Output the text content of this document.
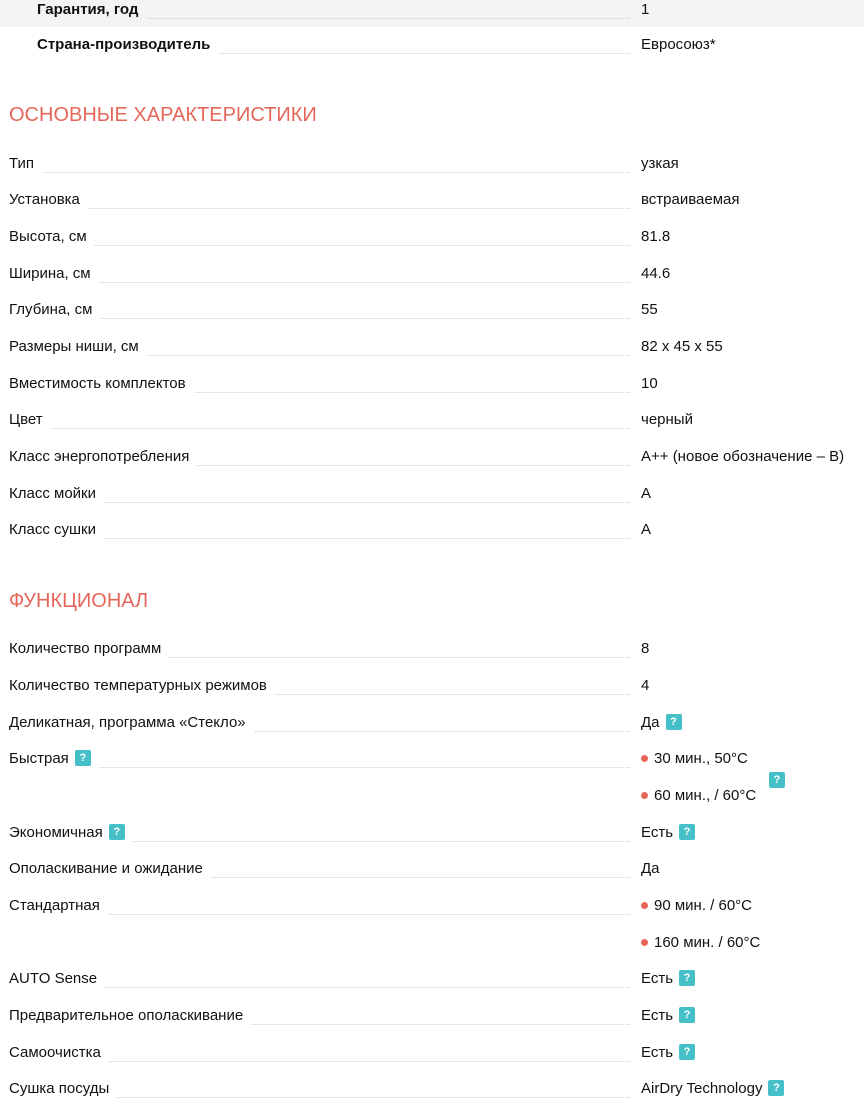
Гарантия, год	1
Страна-производитель	Евросоюз*
ОСНОВНЫЕ ХАРАКТЕРИСТИКИ
Тип	узкая
Установка	встраиваемая
Высота, см	81.8
Ширина, см	44.6
Глубина, см	55
Размеры ниши, см	82 x 45 x 55
Вместимость комплектов	10
Цвет	черный
Класс энергопотребления	A++ (новое обозначение – B)
Класс мойки	A
Класс сушки	A
ФУНКЦИОНАЛ
Количество программ	8
Количество температурных режимов	4
Деликатная, программа «Стекло»	Да ?
Быстрая ?	30 мин., 50°C
60 мин., / 60°C
?
Экономичная ?	Есть ?
Ополаскивание и ожидание	Да
Стандартная	90 мин. / 60°C
160 мин. / 60°C
AUTO Sense	Есть ?
Предварительное ополаскивание	Есть ?
Самоочистка	Есть ?
Сушка посуды	AirDry Technology ?
